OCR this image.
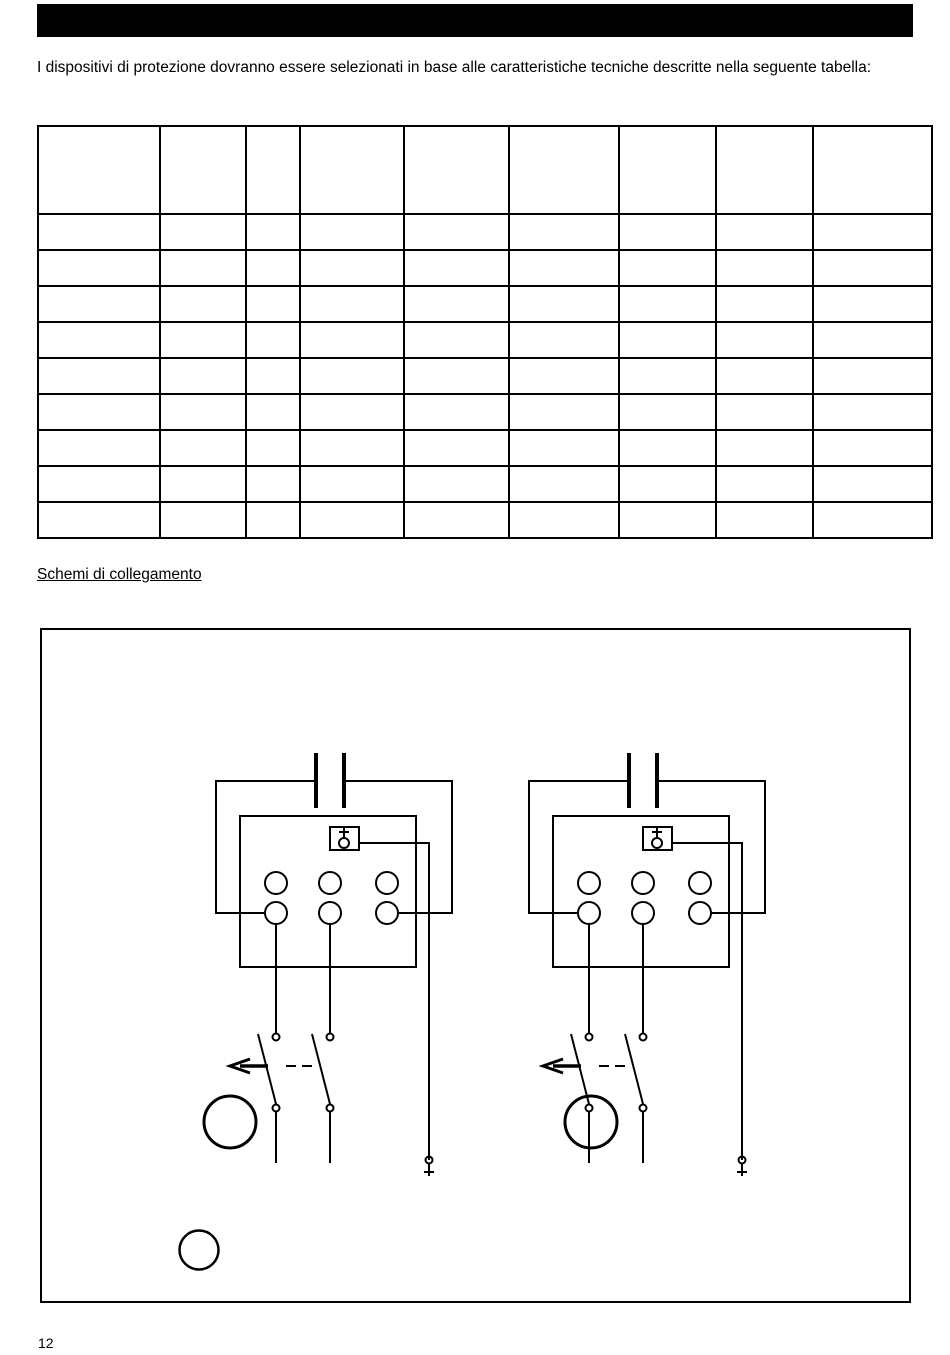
I dispositivi di protezione dovranno essere selezionati in base alle caratteristiche tecniche descritte nella seguente tabella:

Schemi di collegamento
12
